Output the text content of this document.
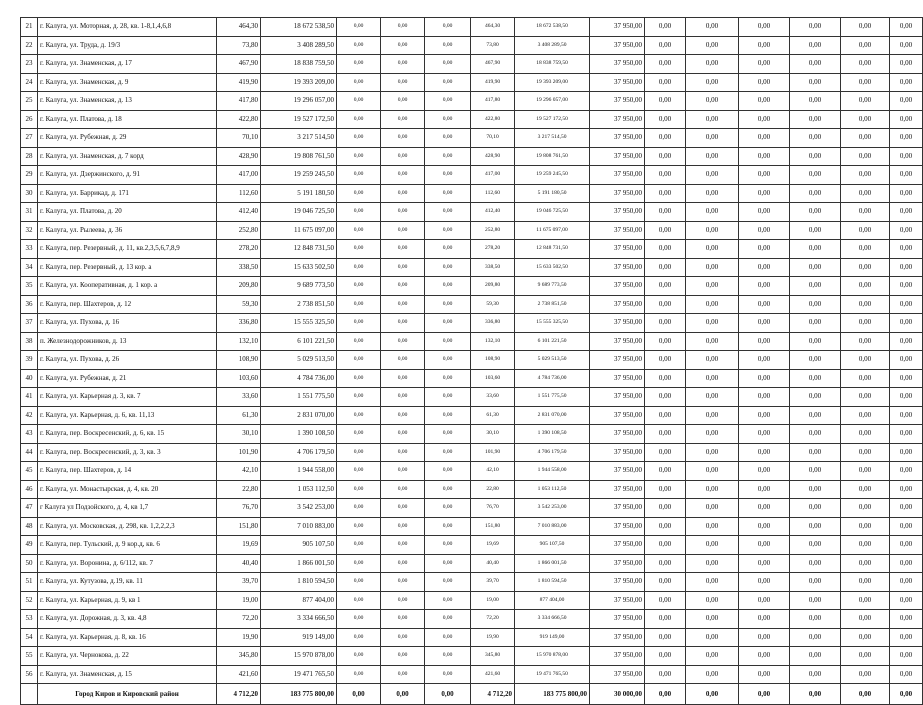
21	г. Калуга, ул. Моторная, д. 28, кв. 1-8,1,4,6,8	464,30	18 672 538,50	0,00	0,00	0,00	464,30	18 672 538,50	37 950,00	0,00	0,00	0,00	0,00	0,00	0,00
22	г. Калуга, ул. Труда, д. 19/3	73,80	3 408 289,50	0,00	0,00	0,00	73,80	3 408 289,50	37 950,00	0,00	0,00	0,00	0,00	0,00	0,00
23	г. Калуга, ул. Знаменская, д. 17	467,90	18 838 759,50	0,00	0,00	0,00	467,90	18 838 759,50	37 950,00	0,00	0,00	0,00	0,00	0,00	0,00
24	г. Калуга, ул. Знаменская, д. 9	419,90	19 393 209,00	0,00	0,00	0,00	419,90	19 393 209,00	37 950,00	0,00	0,00	0,00	0,00	0,00	0,00
25	г. Калуга, ул. Знаменская, д. 13	417,80	19 296 057,00	0,00	0,00	0,00	417,80	19 296 057,00	37 950,00	0,00	0,00	0,00	0,00	0,00	0,00
26	г. Калуга, ул. Платова, д. 18	422,80	19 527 172,50	0,00	0,00	0,00	422,80	19 527 172,50	37 950,00	0,00	0,00	0,00	0,00	0,00	0,00
27	г. Калуга, ул. Рубежная, д. 29	70,10	3 217 514,50	0,00	0,00	0,00	70,10	3 217 514,50	37 950,00	0,00	0,00	0,00	0,00	0,00	0,00
28	г. Калуга, ул. Знаменская, д. 7 корд	428,90	19 808 761,50	0,00	0,00	0,00	428,90	19 808 761,50	37 950,00	0,00	0,00	0,00	0,00	0,00	0,00
29	г. Калуга, ул. Дзержинского, д. 91	417,00	19 259 245,50	0,00	0,00	0,00	417,00	19 259 245,50	37 950,00	0,00	0,00	0,00	0,00	0,00	0,00
30	г. Калуга, ул. Баррикад, д. 171	112,60	5 191 180,50	0,00	0,00	0,00	112,60	5 191 180,50	37 950,00	0,00	0,00	0,00	0,00	0,00	0,00
31	г. Калуга, ул. Платова, д. 20	412,40	19 046 725,50	0,00	0,00	0,00	412,40	19 046 725,50	37 950,00	0,00	0,00	0,00	0,00	0,00	0,00
32	г. Калуга, ул. Рылеева, д. 36	252,80	11 675 097,00	0,00	0,00	0,00	252,80	11 675 097,00	37 950,00	0,00	0,00	0,00	0,00	0,00	0,00
33	г. Калуга, пер. Резервный, д. 11, кв.2,3,5,6,7,8,9	278,20	12 848 731,50	0,00	0,00	0,00	278,20	12 848 731,50	37 950,00	0,00	0,00	0,00	0,00	0,00	0,00
34	г. Калуга, пер. Резервный, д. 13 кор. а	338,50	15 633 502,50	0,00	0,00	0,00	338,50	15 633 502,50	37 950,00	0,00	0,00	0,00	0,00	0,00	0,00
35	г. Калуга, ул. Кооперативная, д. 1 кор. а	209,80	9 689 773,50	0,00	0,00	0,00	209,80	9 689 773,50	37 950,00	0,00	0,00	0,00	0,00	0,00	0,00
36	г. Калуга, пер. Шахтеров, д. 12	59,30	2 738 851,50	0,00	0,00	0,00	59,30	2 738 851,50	37 950,00	0,00	0,00	0,00	0,00	0,00	0,00
37	г. Калуга, ул. Пухова, д. 16	336,80	15 555 325,50	0,00	0,00	0,00	336,80	15 555 325,50	37 950,00	0,00	0,00	0,00	0,00	0,00	0,00
38	п. Железнодорожников, д. 13	132,10	6 101 221,50	0,00	0,00	0,00	132,10	6 101 221,50	37 950,00	0,00	0,00	0,00	0,00	0,00	0,00
39	г. Калуга, ул. Пухова, д. 26	108,90	5 029 513,50	0,00	0,00	0,00	108,90	5 029 513,50	37 950,00	0,00	0,00	0,00	0,00	0,00	0,00
40	г. Калуга, ул. Рубежная, д. 21	103,60	4 784 736,00	0,00	0,00	0,00	103,60	4 784 736,00	37 950,00	0,00	0,00	0,00	0,00	0,00	0,00
41	г. Калуга, ул. Карьерная д. 3, кв. 7	33,60	1 551 775,50	0,00	0,00	0,00	33,60	1 551 775,50	37 950,00	0,00	0,00	0,00	0,00	0,00	0,00
42	г. Калуга, ул. Карьерная, д. 6, кв. 11,13	61,30	2 831 070,00	0,00	0,00	0,00	61,30	2 831 070,00	37 950,00	0,00	0,00	0,00	0,00	0,00	0,00
43	г. Калуга, пер. Воскресенский, д. 6, кв. 15	30,10	1 390 108,50	0,00	0,00	0,00	30,10	1 390 108,50	37 950,00	0,00	0,00	0,00	0,00	0,00	0,00
44	г. Калуга, пер. Воскресенский, д. 3, кв. 3	101,90	4 706 179,50	0,00	0,00	0,00	101,90	4 706 179,50	37 950,00	0,00	0,00	0,00	0,00	0,00	0,00
45	г. Калуга, пер. Шахтеров, д. 14	42,10	1 944 558,00	0,00	0,00	0,00	42,10	1 944 558,00	37 950,00	0,00	0,00	0,00	0,00	0,00	0,00
46	г. Калуга, ул. Монастырская, д. 4, кв. 20	22,80	1 053 112,50	0,00	0,00	0,00	22,80	1 053 112,50	37 950,00	0,00	0,00	0,00	0,00	0,00	0,00
47	г Калуга ул Подзойского, д. 4, кв 1,7	76,70	3 542 253,00	0,00	0,00	0,00	76,70	3 542 253,00	37 950,00	0,00	0,00	0,00	0,00	0,00	0,00
48	г. Калуга, ул. Московская, д. 298, кв. 1,2,2,2,3	151,80	7 010 883,00	0,00	0,00	0,00	151,80	7 010 883,00	37 950,00	0,00	0,00	0,00	0,00	0,00	0,00
49	г. Калуга, пер. Тульский, д. 9 кор.д, кв. 6	19,69	905 107,50	0,00	0,00	0,00	19,69	905 107,50	37 950,00	0,00	0,00	0,00	0,00	0,00	0,00
50	г. Калуга, ул. Воронина, д. 6/112, кв. 7	40,40	1 866 001,50	0,00	0,00	0,00	40,40	1 866 001,50	37 950,00	0,00	0,00	0,00	0,00	0,00	0,00
51	г. Калуга, ул. Кутузова, д.19, кв. 11	39,70	1 810 594,50	0,00	0,00	0,00	39,70	1 810 594,50	37 950,00	0,00	0,00	0,00	0,00	0,00	0,00
52	г. Калуга, ул. Карьерная, д. 9, кв 1	19,00	877 404,00	0,00	0,00	0,00	19,00	877 404,00	37 950,00	0,00	0,00	0,00	0,00	0,00	0,00
53	г. Калуга, ул. Дорожная, д. 3, кв. 4,8	72,20	3 334 666,50	0,00	0,00	0,00	72,20	3 334 666,50	37 950,00	0,00	0,00	0,00	0,00	0,00	0,00
54	г. Калуга, ул. Карьерная, д. 8, кв. 16	19,90	919 149,00	0,00	0,00	0,00	19,90	919 149,00	37 950,00	0,00	0,00	0,00	0,00	0,00	0,00
55	г. Калуга, ул. Чернокова, д. 22	345,80	15 970 878,00	0,00	0,00	0,00	345,80	15 970 878,00	37 950,00	0,00	0,00	0,00	0,00	0,00	0,00
56	г. Калуга, ул. Знаменская, д. 15	421,60	19 471 765,50	0,00	0,00	0,00	421,60	19 471 765,50	37 950,00	0,00	0,00	0,00	0,00	0,00	0,00
	Город Киров и Кировский район	4 712,20	183 775 800,00	0,00	0,00	0,00	4 712,20	183 775 800,00	30 000,00	0,00	0,00	0,00	0,00	0,00	0,00
